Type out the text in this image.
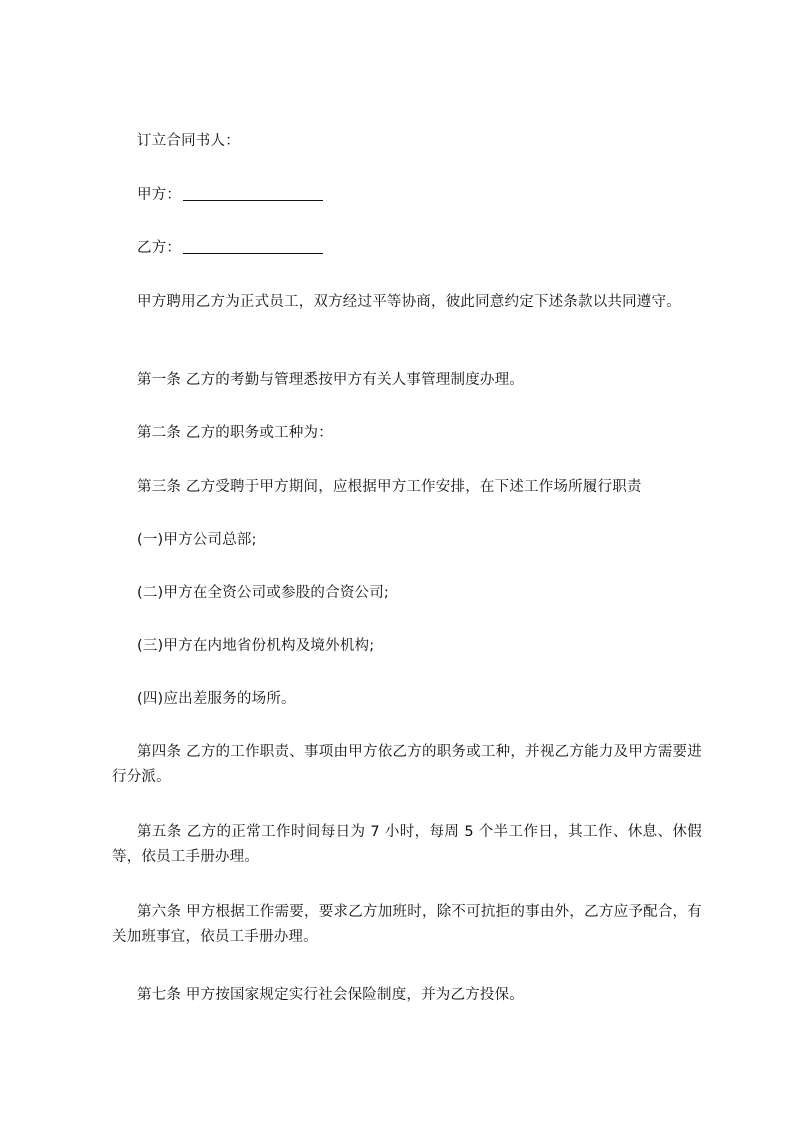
订立合同书人：
甲方：
乙方：
甲方聘用乙方为正式员工，双方经过平等协商，彼此同意约定下述条款以共同遵守。
第一条 乙方的考勤与管理悉按甲方有关人事管理制度办理。
第二条 乙方的职务或工种为：
第三条 乙方受聘于甲方期间，应根据甲方工作安排，在下述工作场所履行职责
(一)甲方公司总部;
(二)甲方在全资公司或参股的合资公司;
(三)甲方在内地省份机构及境外机构;
(四)应出差服务的场所。
第四条 乙方的工作职责、事项由甲方依乙方的职务或工种，并视乙方能力及甲方需要进行分派。
第五条 乙方的正常工作时间每日为 7 小时，每周 5 个半工作日，其工作、休息、休假等，依员工手册办理。
第六条 甲方根据工作需要，要求乙方加班时，除不可抗拒的事由外，乙方应予配合，有关加班事宜，依员工手册办理。
第七条 甲方按国家规定实行社会保险制度，并为乙方投保。
